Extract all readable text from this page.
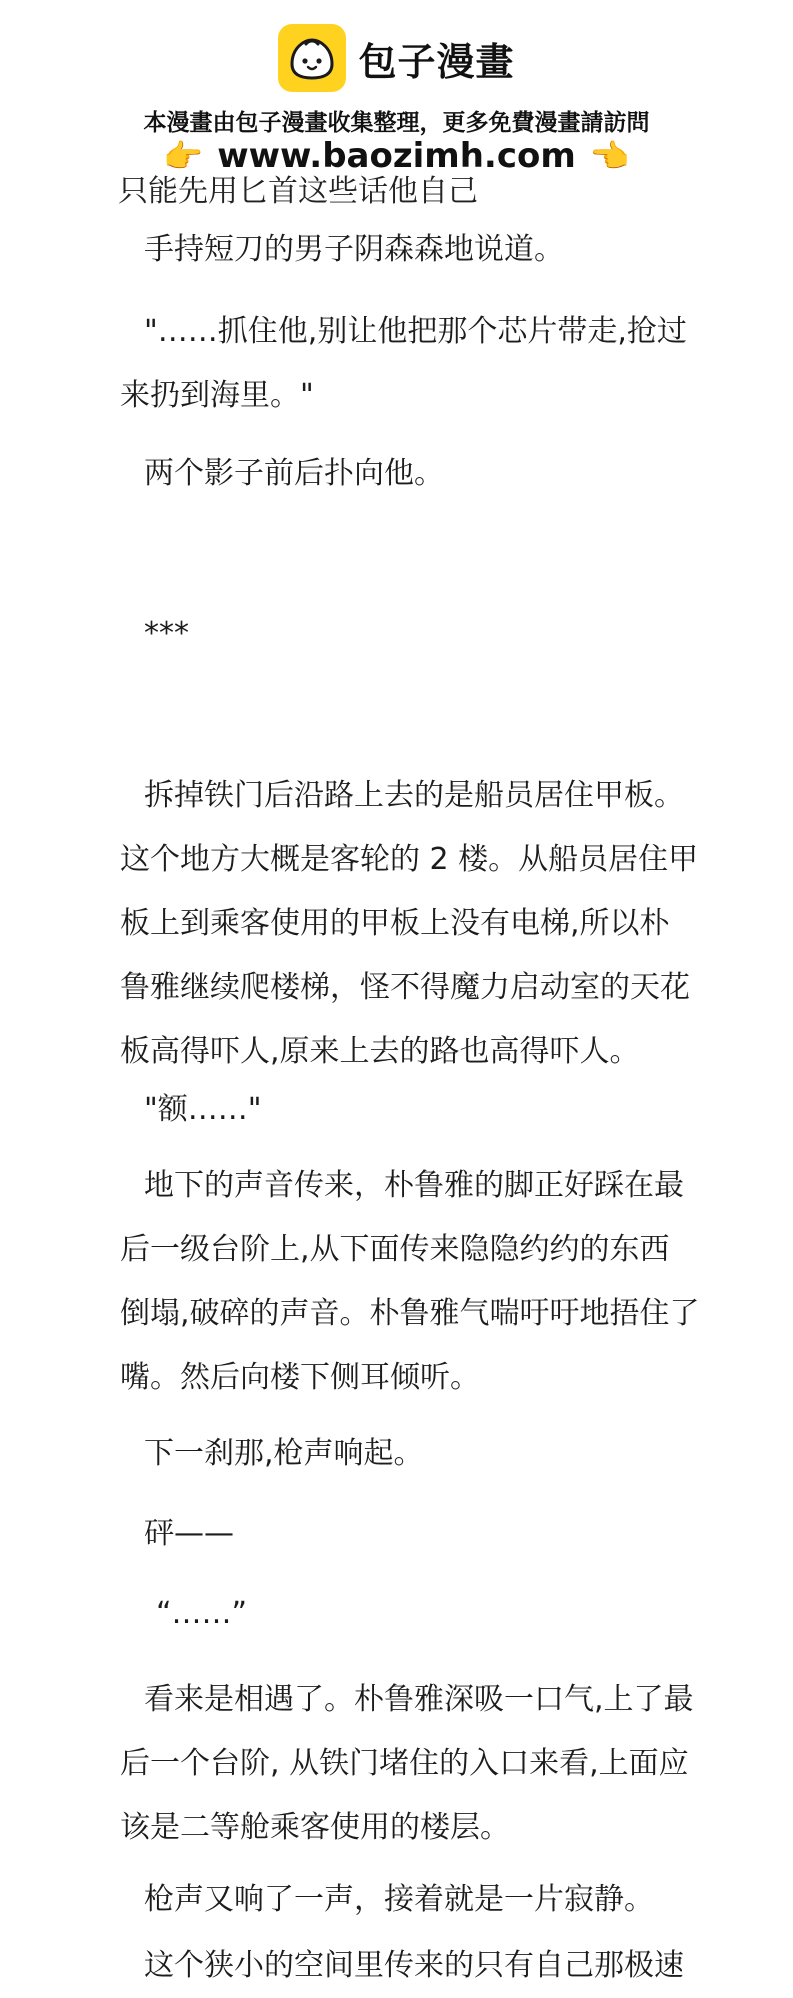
包子漫畫
本漫畫由包子漫畫收集整理，更多免費漫畫請訪問
👉 www.baozimh.com 👈
只能先用匕首这些话他自己
手持短刀的男子阴森森地说道。
"……抓住他,别让他把那个芯片带走,抢过
来扔到海里。"
两个影子前后扑向他。
***
拆掉铁门后沿路上去的是船员居住甲板。
这个地方大概是客轮的 2 楼。从船员居住甲
板上到乘客使用的甲板上没有电梯,所以朴
鲁雅继续爬楼梯，怪不得魔力启动室的天花
板高得吓人,原来上去的路也高得吓人。
"额……"
地下的声音传来，朴鲁雅的脚正好踩在最
后一级台阶上,从下面传来隐隐约约的东西
倒塌,破碎的声音。朴鲁雅气喘吁吁地捂住了
嘴。然后向楼下侧耳倾听。
下一刹那,枪声响起。
砰——
“……”
看来是相遇了。朴鲁雅深吸一口气,上了最
后一个台阶, 从铁门堵住的入口来看,上面应
该是二等舱乘客使用的楼层。
枪声又响了一声，接着就是一片寂静。
这个狭小的空间里传来的只有自己那极速
